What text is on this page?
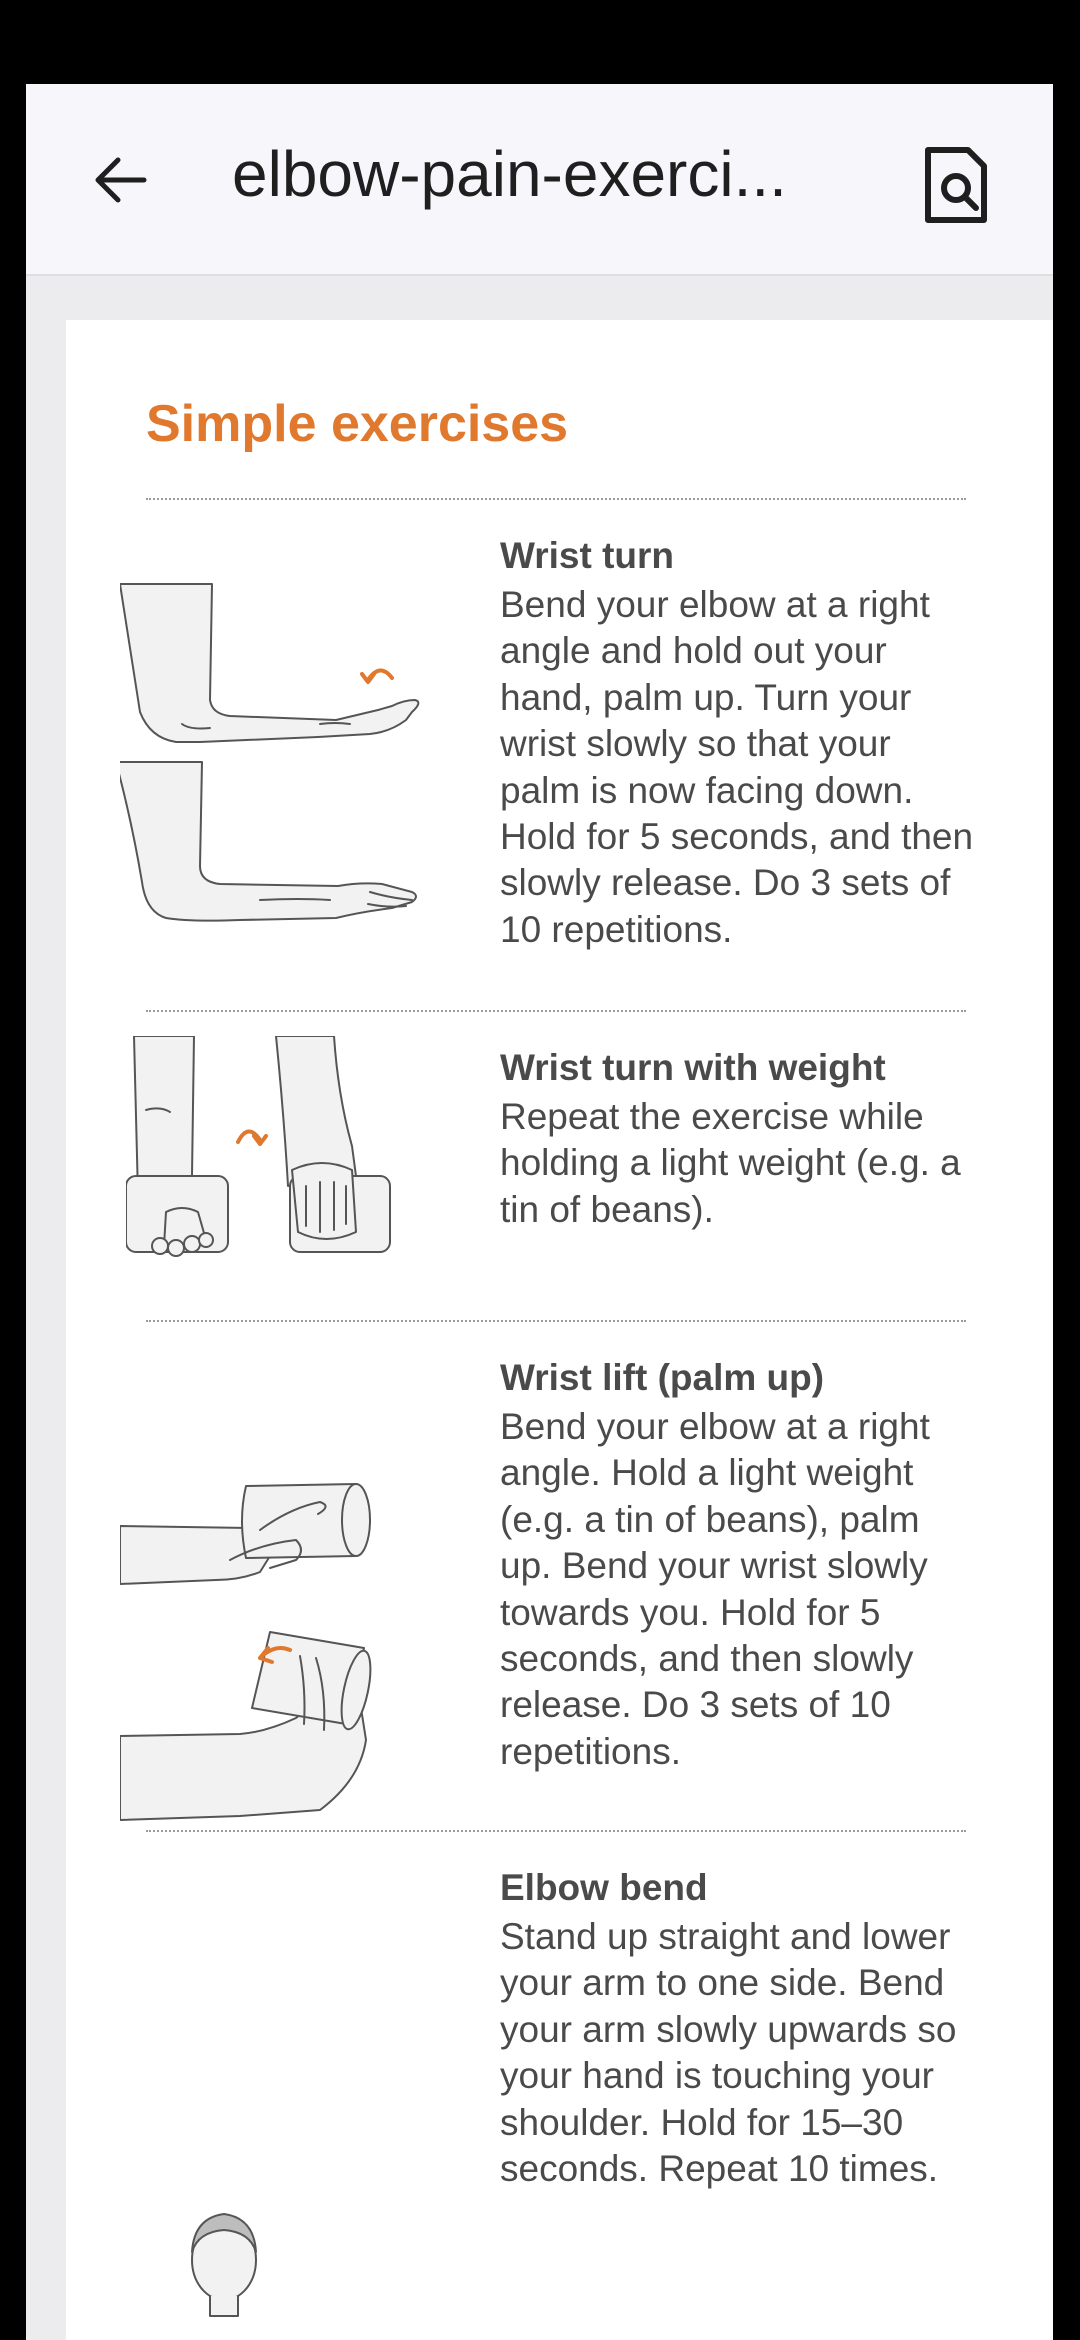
elbow-pain-exerci...
Simple exercises
Wrist turn

Bend your elbow at a right angle and hold out your hand, palm up. Turn your wrist slowly so that your palm is now facing down. Hold for 5 seconds, and then slowly release. Do 3 sets of 10 repetitions.

Wrist turn with weight

Repeat the exercise while holding a light weight (e.g. a tin of beans).

Wrist lift (palm up)

Bend your elbow at a right angle. Hold a light weight (e.g. a tin of beans), palm up. Bend your wrist slowly towards you. Hold for 5 seconds, and then slowly release. Do 3 sets of 10 repetitions.

Elbow bend

Stand up straight and lower your arm to one side. Bend your arm slowly upwards so your hand is touching your shoulder. Hold for 15–30 seconds. Repeat 10 times.
